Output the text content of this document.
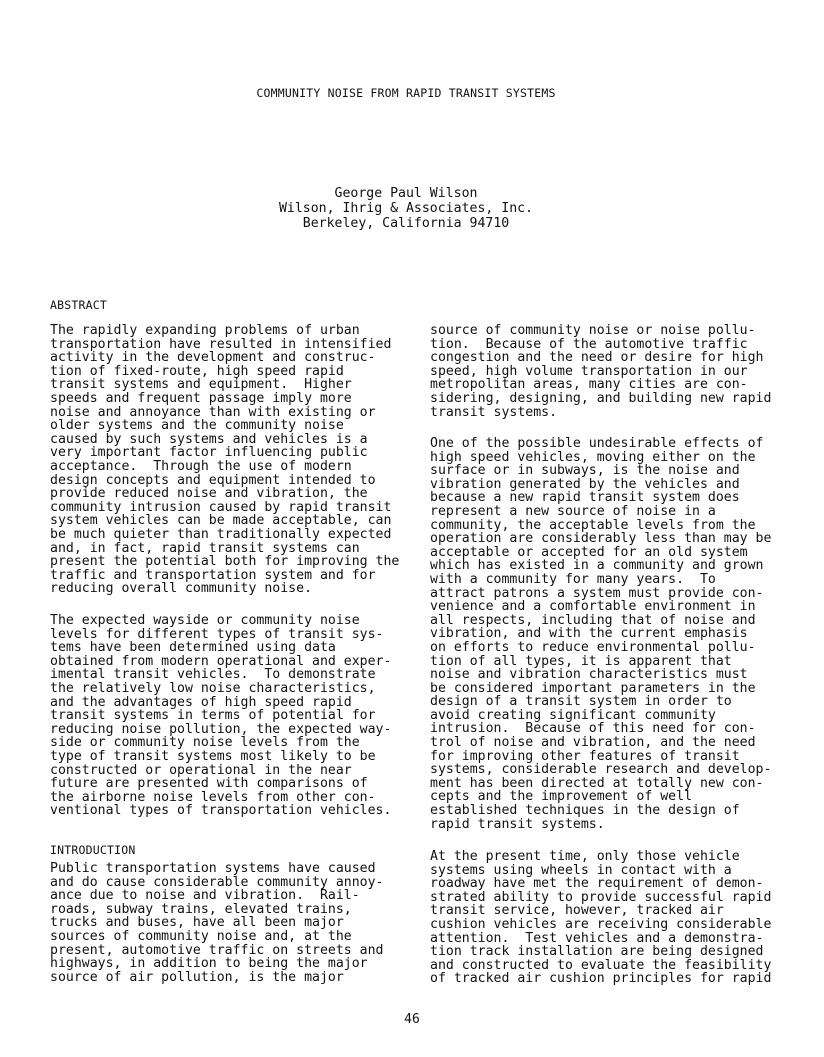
COMMUNITY NOISE FROM RAPID TRANSIT SYSTEMS
George Paul Wilson
Wilson, Ihrig & Associates, Inc.
Berkeley, California 94710
ABSTRACT

The rapidly expanding problems of urban

transportation have resulted in intensified

activity in the development and construc-

tion of fixed-route, high speed rapid

transit systems and equipment.  Higher

speeds and frequent passage imply more

noise and annoyance than with existing or

older systems and the community noise

caused by such systems and vehicles is a

very important factor influencing public

acceptance.  Through the use of modern

design concepts and equipment intended to

provide reduced noise and vibration, the

community intrusion caused by rapid transit

system vehicles can be made acceptable, can

be much quieter than traditionally expected

and, in fact, rapid transit systems can

present the potential both for improving the

traffic and transportation system and for

reducing overall community noise.

The expected wayside or community noise

levels for different types of transit sys-

tems have been determined using data

obtained from modern operational and exper-

imental transit vehicles.  To demonstrate

the relatively low noise characteristics,

and the advantages of high speed rapid

transit systems in terms of potential for

reducing noise pollution, the expected way-

side or community noise levels from the

type of transit systems most likely to be

constructed or operational in the near

future are presented with comparisons of

the airborne noise levels from other con-

ventional types of transportation vehicles.

INTRODUCTION

Public transportation systems have caused

and do cause considerable community annoy-

ance due to noise and vibration.  Rail-

roads, subway trains, elevated trains,

trucks and buses, have all been major

sources of community noise and, at the

present, automotive traffic on streets and

highways, in addition to being the major

source of air pollution, is the major

source of community noise or noise pollu-

tion.  Because of the automotive traffic

congestion and the need or desire for high

speed, high volume transportation in our

metropolitan areas, many cities are con-

sidering, designing, and building new rapid

transit systems.

One of the possible undesirable effects of

high speed vehicles, moving either on the

surface or in subways, is the noise and

vibration generated by the vehicles and

because a new rapid transit system does

represent a new source of noise in a

community, the acceptable levels from the

operation are considerably less than may be

acceptable or accepted for an old system

which has existed in a community and grown

with a community for many years.  To

attract patrons a system must provide con-

venience and a comfortable environment in

all respects, including that of noise and

vibration, and with the current emphasis

on efforts to reduce environmental pollu-

tion of all types, it is apparent that

noise and vibration characteristics must

be considered important parameters in the

design of a transit system in order to

avoid creating significant community

intrusion.  Because of this need for con-

trol of noise and vibration, and the need

for improving other features of transit

systems, considerable research and develop-

ment has been directed at totally new con-

cepts and the improvement of well

established techniques in the design of

rapid transit systems.

At the present time, only those vehicle

systems using wheels in contact with a

roadway have met the requirement of demon-

strated ability to provide successful rapid

transit service, however, tracked air

cushion vehicles are receiving considerable

attention.  Test vehicles and a demonstra-

tion track installation are being designed

and constructed to evaluate the feasibility

of tracked air cushion principles for rapid

46
